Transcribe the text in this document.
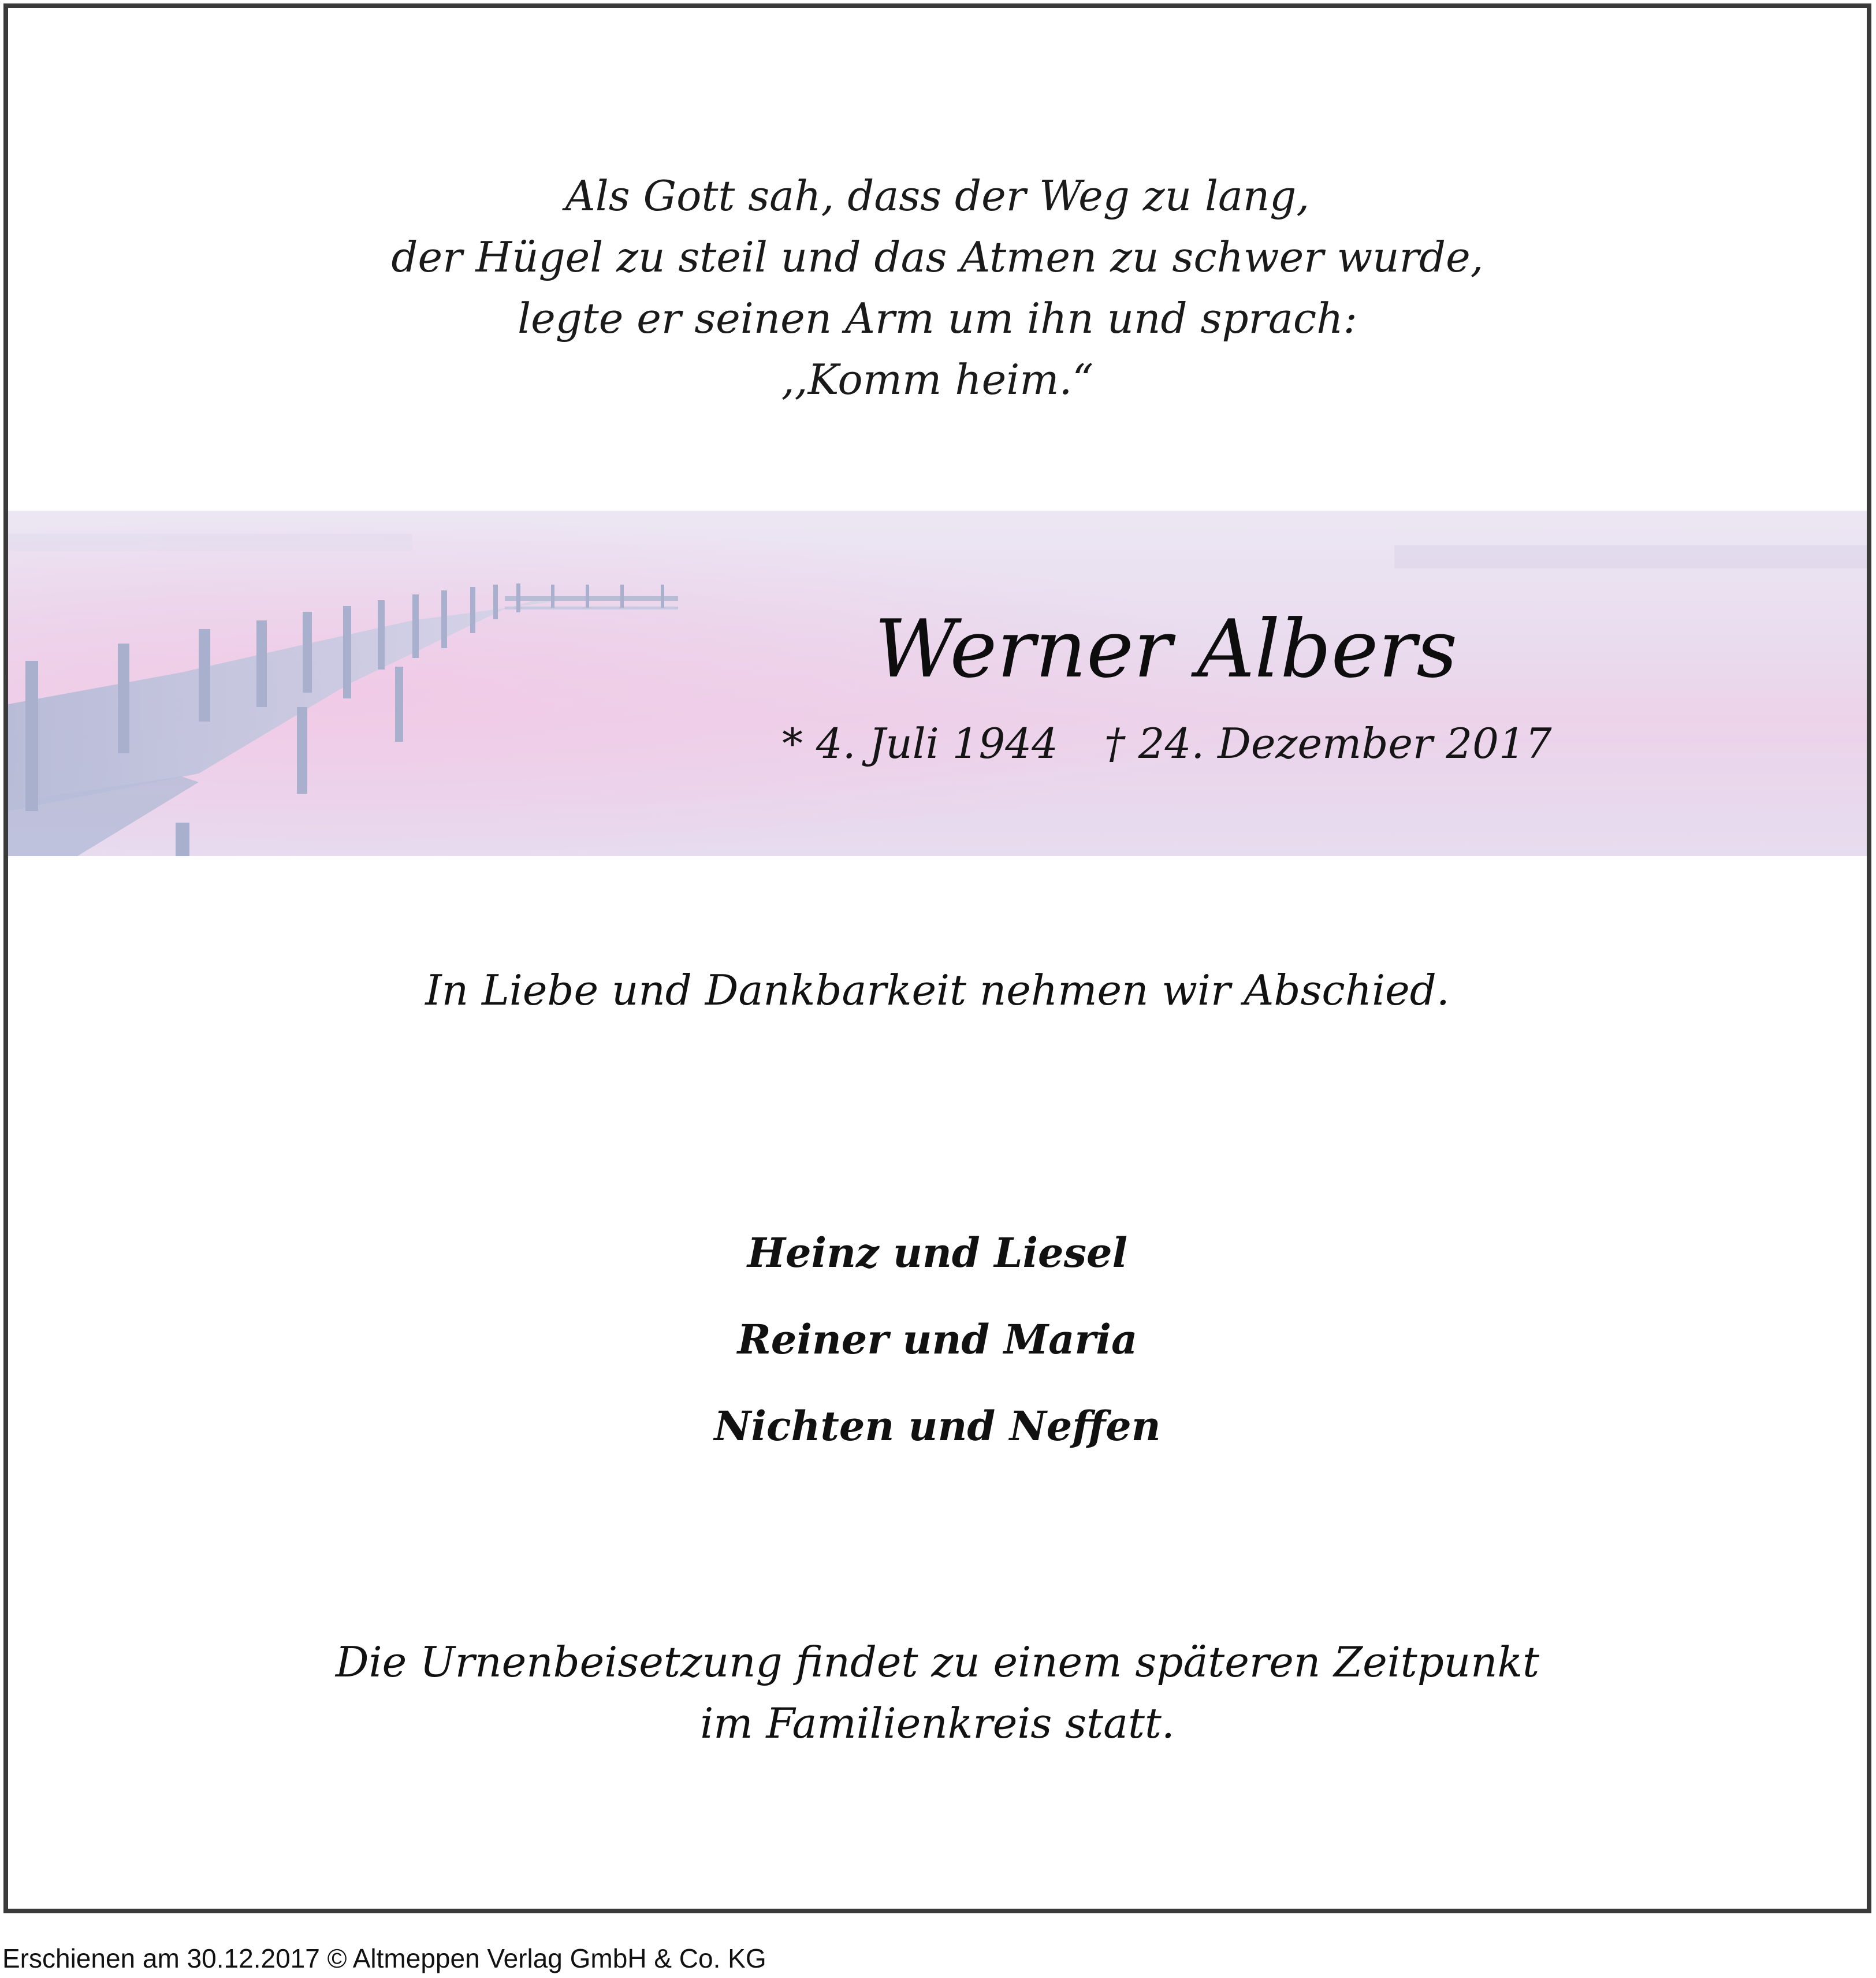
Als Gott sah, dass der Weg zu lang,
der Hügel zu steil und das Atmen zu schwer wurde,
legte er seinen Arm um ihn und sprach:
,,Komm heim.“
Werner Albers
* 4. Juli 1944 † 24. Dezember 2017
In Liebe und Dankbarkeit nehmen wir Abschied.
Heinz und Liesel
Reiner und Maria
Nichten und Neffen
Die Urnenbeisetzung findet zu einem späteren Zeitpunkt
im Familienkreis statt.
Erschienen am 30.12.2017 © Altmeppen Verlag GmbH & Co. KG
